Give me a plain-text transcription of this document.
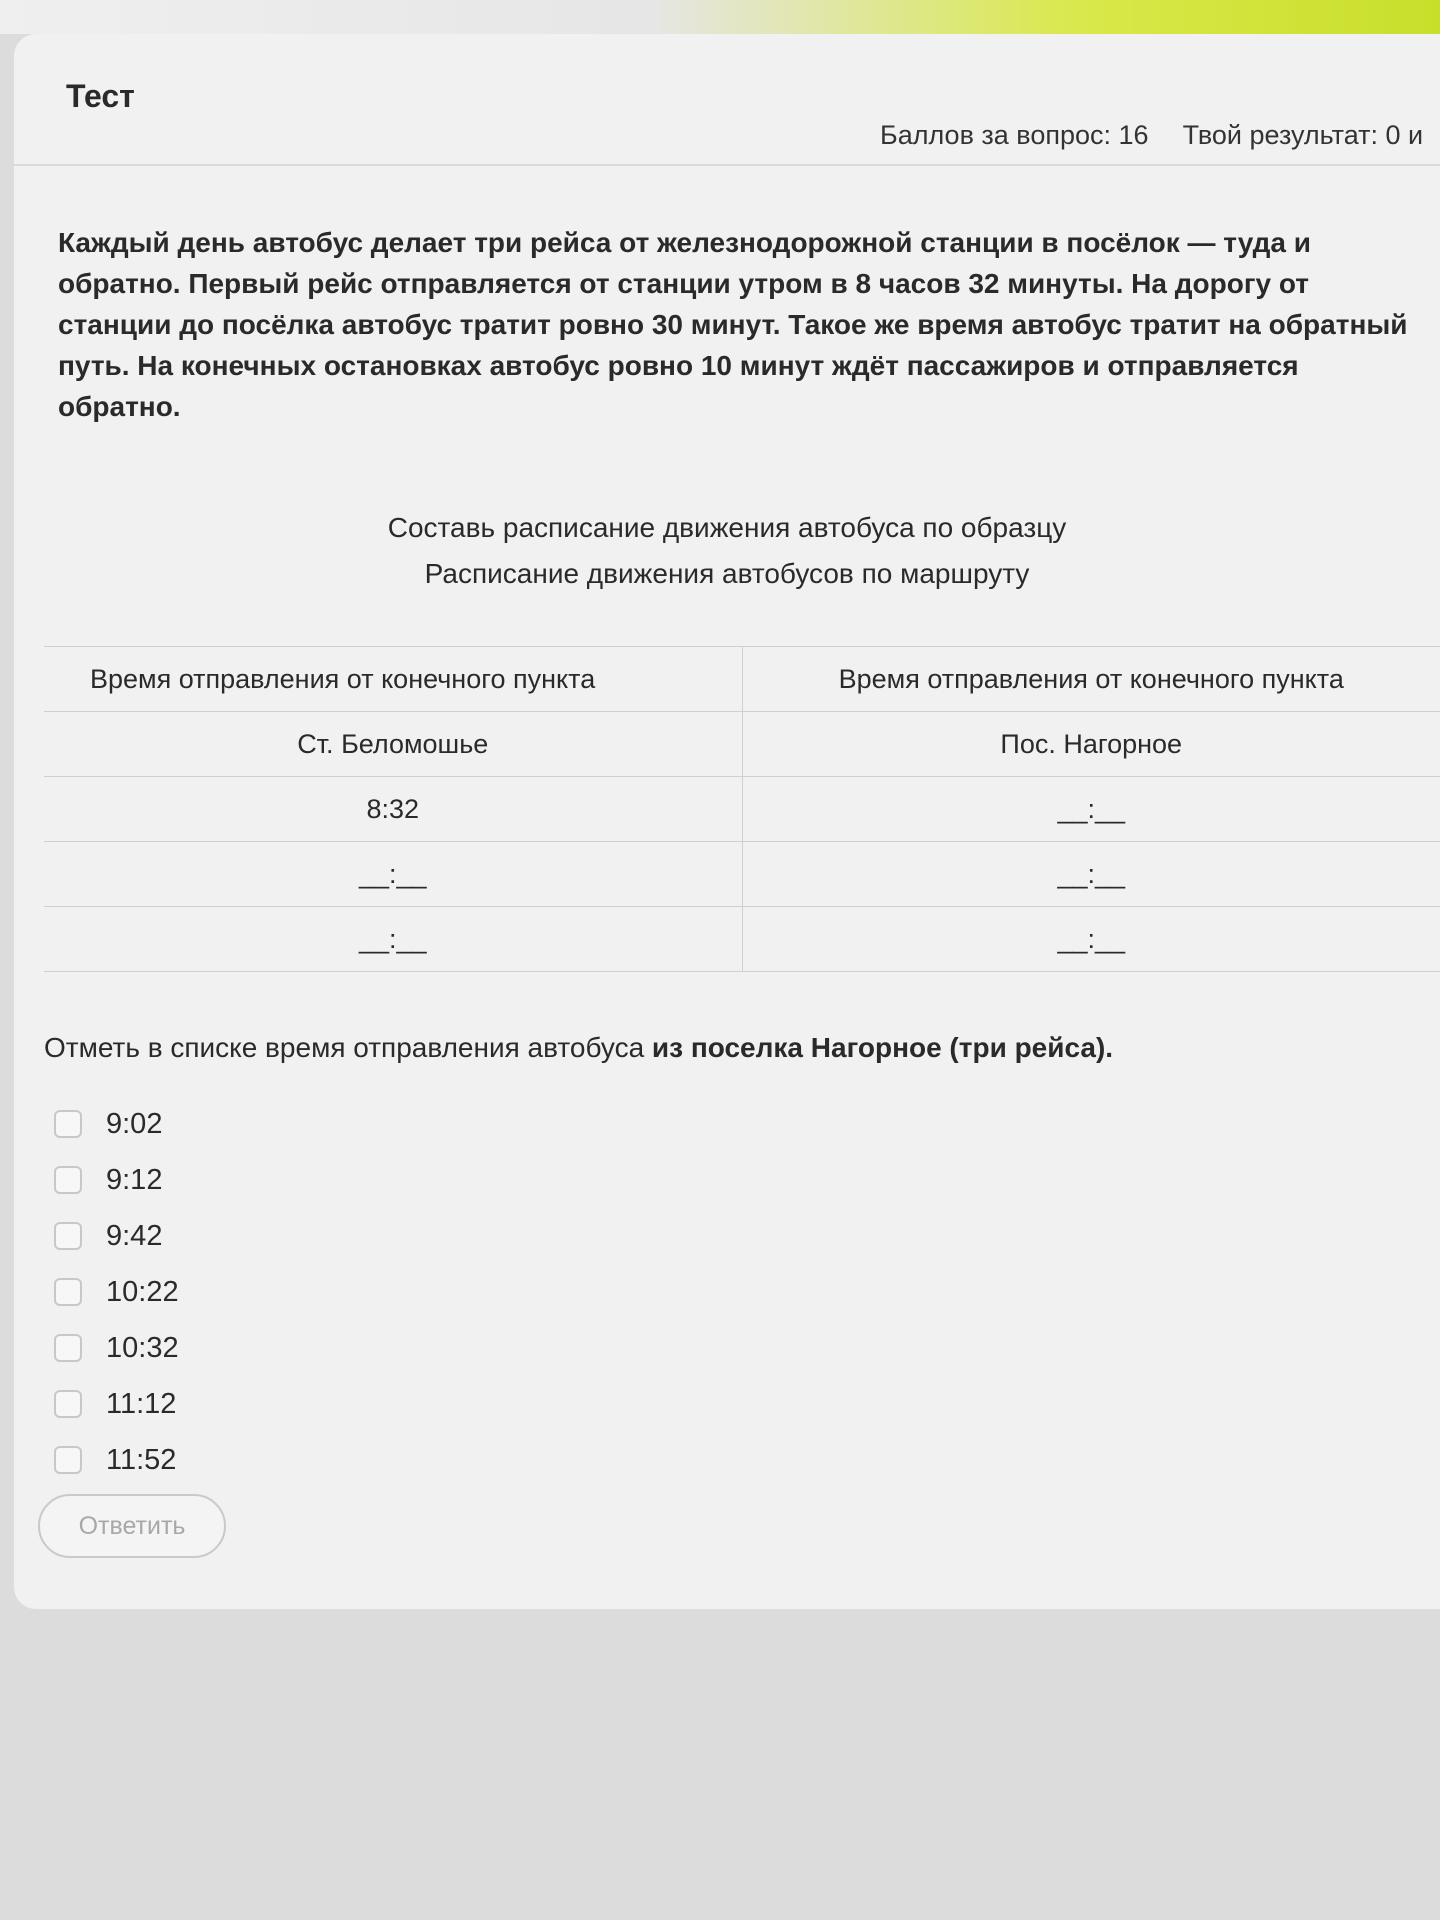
Тест
Баллов за вопрос: 16 Твой результат: 0 и
Каждый день автобус делает три рейса от железнодорожной станции в посёлок — туда и обратно. Первый рейс отправляется от станции утром в 8 часов 32 минуты. На дорогу от станции до посёлка автобус тратит ровно 30 минут. Такое же время автобус тратит на обратный путь. На конечных остановках автобус ровно 10 минут ждёт пассажиров и отправляется обратно.
Составь расписание движения автобуса по образцу
Расписание движения автобусов по маршруту
Время отправления от конечного пункта	Время отправления от конечного пункта
Ст. Беломошье	Пос. Нагорное
8:32	__:__
__:__	__:__
__:__	__:__
Отметь в списке время отправления автобуса из поселка Нагорное (три рейса).
9:02
9:12
9:42
10:22
10:32
11:12
11:52
Ответить
